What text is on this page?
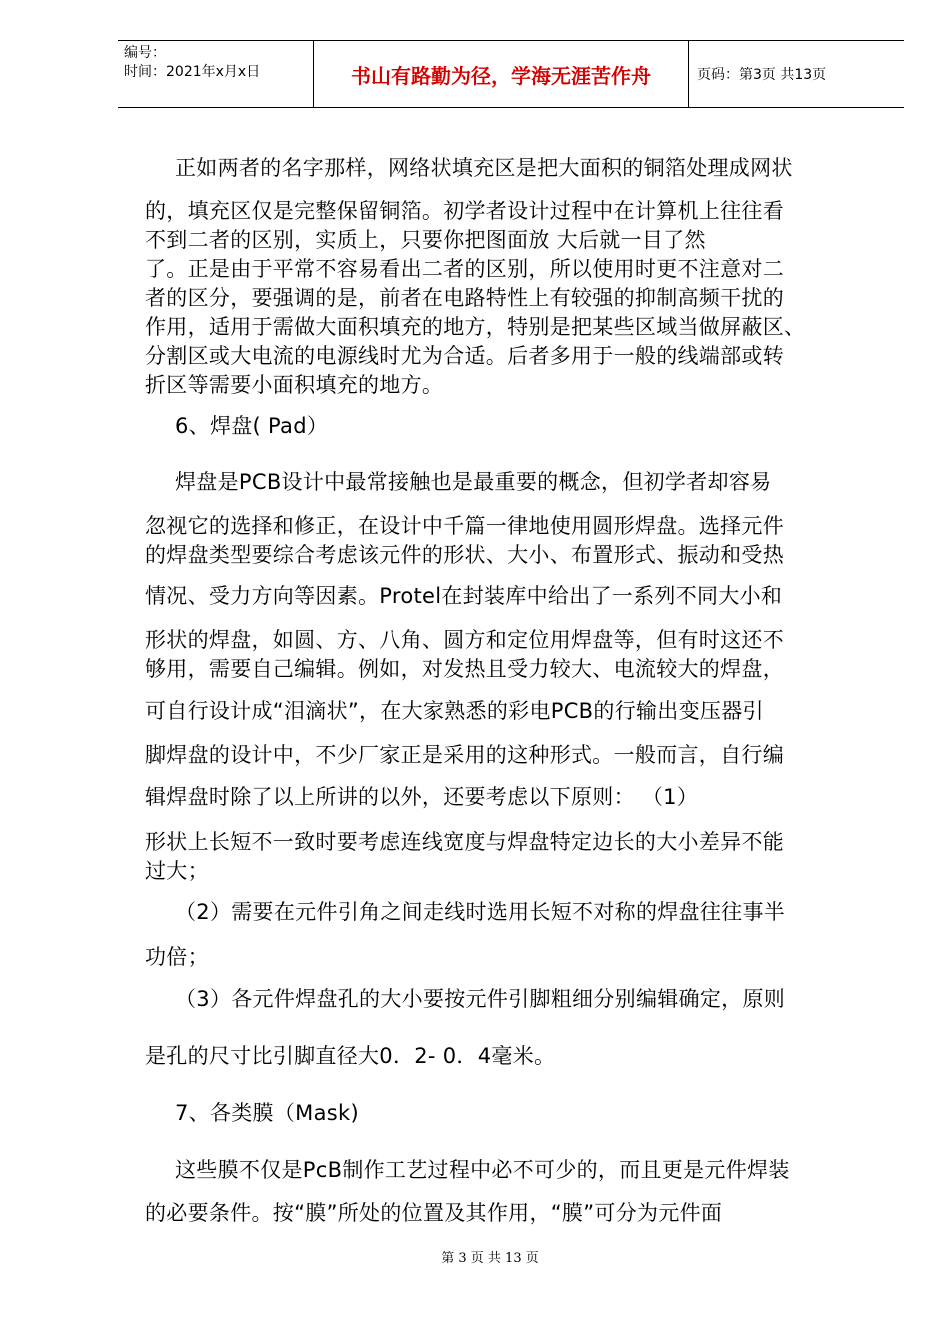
编号：
时间：2021年x月x日	书山有路勤为径，学海无涯苦作舟	页码：第3页 共13页
正如两者的名字那样，网络状填充区是把大面积的铜箔处理成网状
的，填充区仅是完整保留铜箔。初学者设计过程中在计算机上往往看
不到二者的区别，实质上，只要你把图面放 大后就一目了然
了。正是由于平常不容易看出二者的区别，所以使用时更不注意对二
者的区分，要强调的是，前者在电路特性上有较强的抑制高频干扰的
作用，适用于需做大面积填充的地方，特别是把某些区域当做屏蔽区、
分割区或大电流的电源线时尤为合适。后者多用于一般的线端部或转
折区等需要小面积填充的地方。
6、焊盘( Pad）
焊盘是PCB设计中最常接触也是最重要的概念，但初学者却容易
忽视它的选择和修正，在设计中千篇一律地使用圆形焊盘。选择元件
的焊盘类型要综合考虑该元件的形状、大小、布置形式、振动和受热
情况、受力方向等因素。Protel在封装库中给出了一系列不同大小和
形状的焊盘，如圆、方、八角、圆方和定位用焊盘等，但有时这还不
够用，需要自己编辑。例如，对发热且受力较大、电流较大的焊盘，
可自行设计成“泪滴状”，在大家熟悉的彩电PCB的行输出变压器引
脚焊盘的设计中，不少厂家正是采用的这种形式。一般而言，自行编
辑焊盘时除了以上所讲的以外，还要考虑以下原则： （1）
形状上长短不一致时要考虑连线宽度与焊盘特定边长的大小差异不能
过大；
（2）需要在元件引角之间走线时选用长短不对称的焊盘往往事半
功倍；
（3）各元件焊盘孔的大小要按元件引脚粗细分别编辑确定，原则
是孔的尺寸比引脚直径大0．2- 0．4毫米。
7、各类膜（Mask)
这些膜不仅是PcB制作工艺过程中必不可少的，而且更是元件焊装
的必要条件。按“膜”所处的位置及其作用，“膜”可分为元件面
第 3 页 共 13 页
